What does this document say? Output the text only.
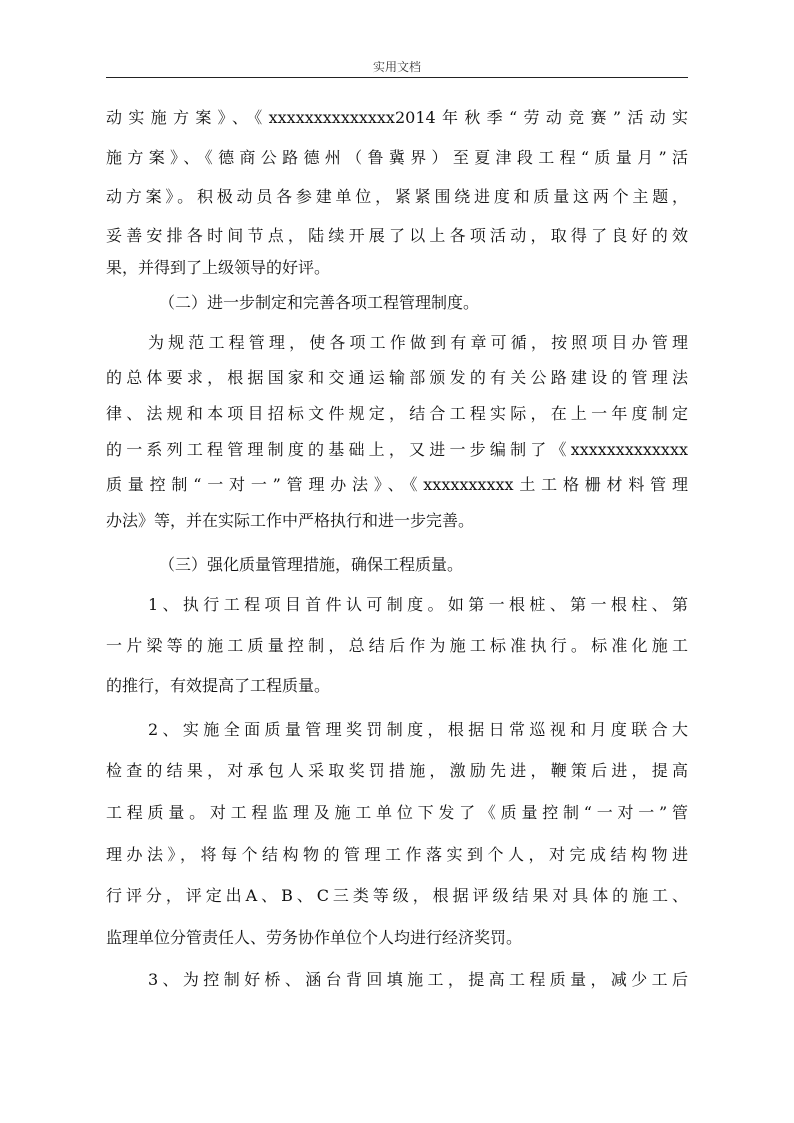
实用文档
动实施方案》、《xxxxxxxxxxxxxx2014年秋季“劳动竞赛”活动实
施方案》、《德商公路德州（鲁冀界）至夏津段工程“质量月”活
动方案》。积极动员各参建单位，紧紧围绕进度和质量这两个主题，
妥善安排各时间节点，陆续开展了以上各项活动，取得了良好的效
果，并得到了上级领导的好评。
（二）进一步制定和完善各项工程管理制度。
为规范工程管理，使各项工作做到有章可循，按照项目办管理
的总体要求，根据国家和交通运输部颁发的有关公路建设的管理法
律、法规和本项目招标文件规定，结合工程实际，在上一年度制定
的一系列工程管理制度的基础上，又进一步编制了《xxxxxxxxxxxxx
质量控制“一对一”管理办法》、《xxxxxxxxxx土工格栅材料管理
办法》等，并在实际工作中严格执行和进一步完善。
（三）强化质量管理措施，确保工程质量。
1、执行工程项目首件认可制度。如第一根桩、第一根柱、第
一片梁等的施工质量控制，总结后作为施工标准执行。标准化施工
的推行，有效提高了工程质量。
2、实施全面质量管理奖罚制度，根据日常巡视和月度联合大
检查的结果，对承包人采取奖罚措施，激励先进，鞭策后进，提高
工程质量。对工程监理及施工单位下发了《质量控制“一对一”管
理办法》，将每个结构物的管理工作落实到个人，对完成结构物进
行评分，评定出A、B、C三类等级，根据评级结果对具体的施工、
监理单位分管责任人、劳务协作单位个人均进行经济奖罚。
3、为控制好桥、涵台背回填施工，提高工程质量，减少工后
